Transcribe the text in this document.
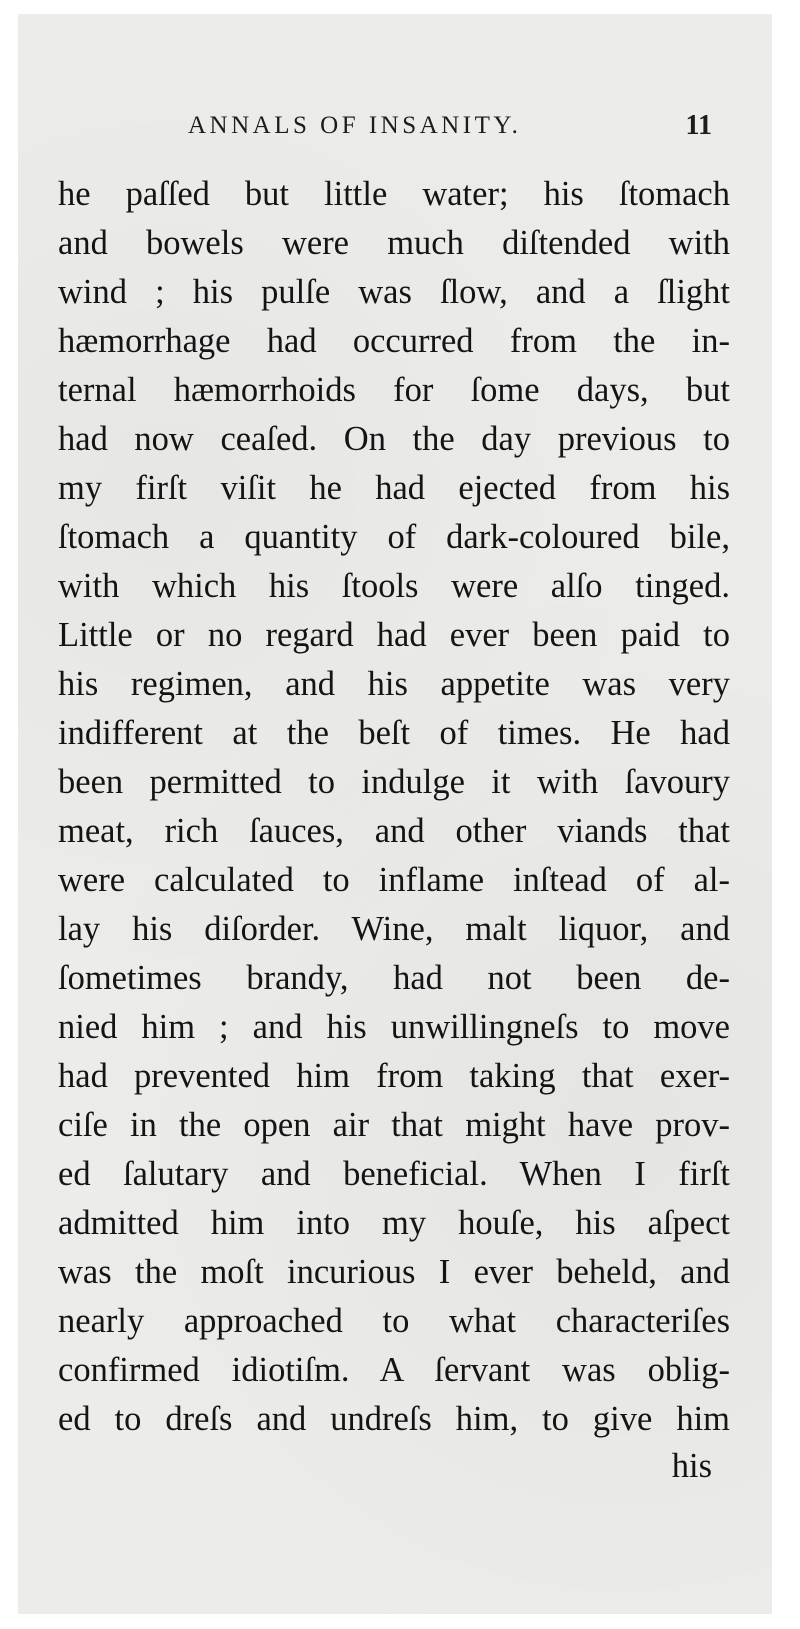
ANNALS OF INSANITY.	11
he paſſed but little water; his ſtomach
and bowels were much diſtended with
wind ; his pulſe was ſlow, and a ſlight
hæmorrhage had occurred from the in-
ternal hæmorrhoids for ſome days, but
had now ceaſed. On the day previous to
my firſt viſit he had ejected from his
ſtomach a quantity of dark-coloured bile,
with which his ſtools were alſo tinged.
Little or no regard had ever been paid to
his regimen, and his appetite was very
indifferent at the beſt of times. He had
been permitted to indulge it with ſavoury
meat, rich ſauces, and other viands that
were calculated to inflame inſtead of al-
lay his diſorder. Wine, malt liquor, and
ſometimes brandy, had not been de-
nied him ; and his unwillingneſs to move
had prevented him from taking that exer-
ciſe in the open air that might have prov-
ed ſalutary and beneficial. When I firſt
admitted him into my houſe, his aſpect
was the moſt incurious I ever beheld, and
nearly approached to what characteriſes
confirmed idiotiſm. A ſervant was oblig-
ed to dreſs and undreſs him, to give him
his
